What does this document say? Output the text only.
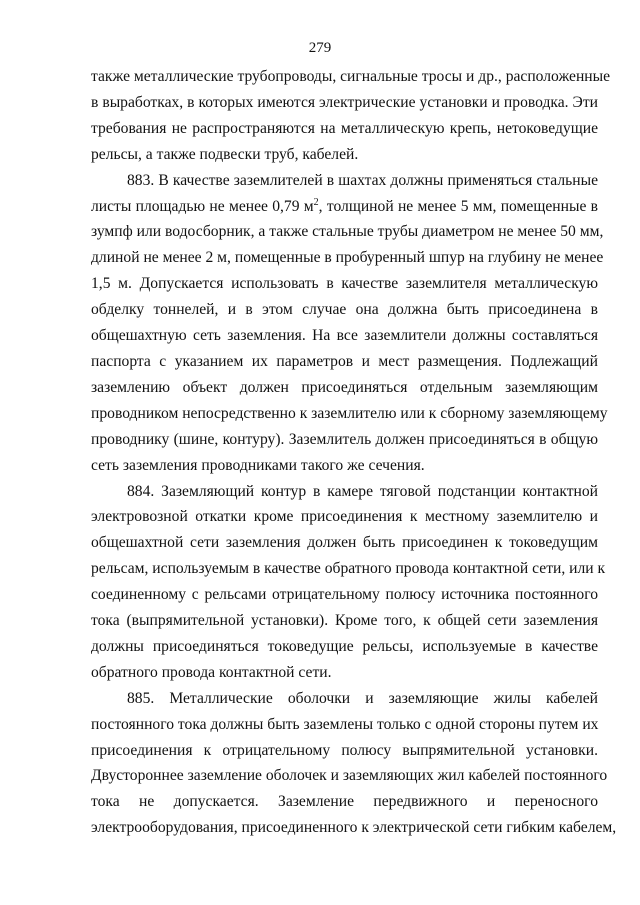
279

также металлические трубопроводы, сигнальные тросы и др., расположенные
в выработках, в которых имеются электрические установки и проводка. Эти
требования не распространяются на металлическую крепь, нетоковедущие
рельсы, а также подвески труб, кабелей.

883. В качестве заземлителей в шахтах должны применяться стальные
листы площадью не менее 0,79 $м^2$, толщиной не менее 5 мм, помещенные в
зумпф или водосборник, а также стальные трубы диаметром не менее 50 мм,
длиной не менее 2 м, помещенные в пробуренный шпур на глубину не менее
1,5 м. Допускается использовать в качестве заземлителя металлическую
обделку тоннелей, и в этом случае она должна быть присоединена в
общешахтную сеть заземления. На все заземлители должны составляться
паспорта с указанием их параметров и мест размещения. Подлежащий
заземлению объект должен присоединяться отдельным заземляющим
проводником непосредственно к заземлителю или к сборному заземляющему
проводнику (шине, контуру). Заземлитель должен присоединяться в общую
сеть заземления проводниками такого же сечения.

884. Заземляющий контур в камере тяговой подстанции контактной
электровозной откатки кроме присоединения к местному заземлителю и
общешахтной сети заземления должен быть присоединен к токоведущим
рельсам, используемым в качестве обратного провода контактной сети, или к
соединенному с рельсами отрицательному полюсу источника постоянного
тока (выпрямительной установки). Кроме того, к общей сети заземления
должны присоединяться токоведущие рельсы, используемые в качестве
обратного провода контактной сети.

885. Металлические оболочки и заземляющие жилы кабелей
постоянного тока должны быть заземлены только с одной стороны путем их
присоединения к отрицательному полюсу выпрямительной установки.
Двустороннее заземление оболочек и заземляющих жил кабелей постоянного
тока не допускается. Заземление передвижного и переносного
электрооборудования, присоединенного к электрической сети гибким кабелем,
